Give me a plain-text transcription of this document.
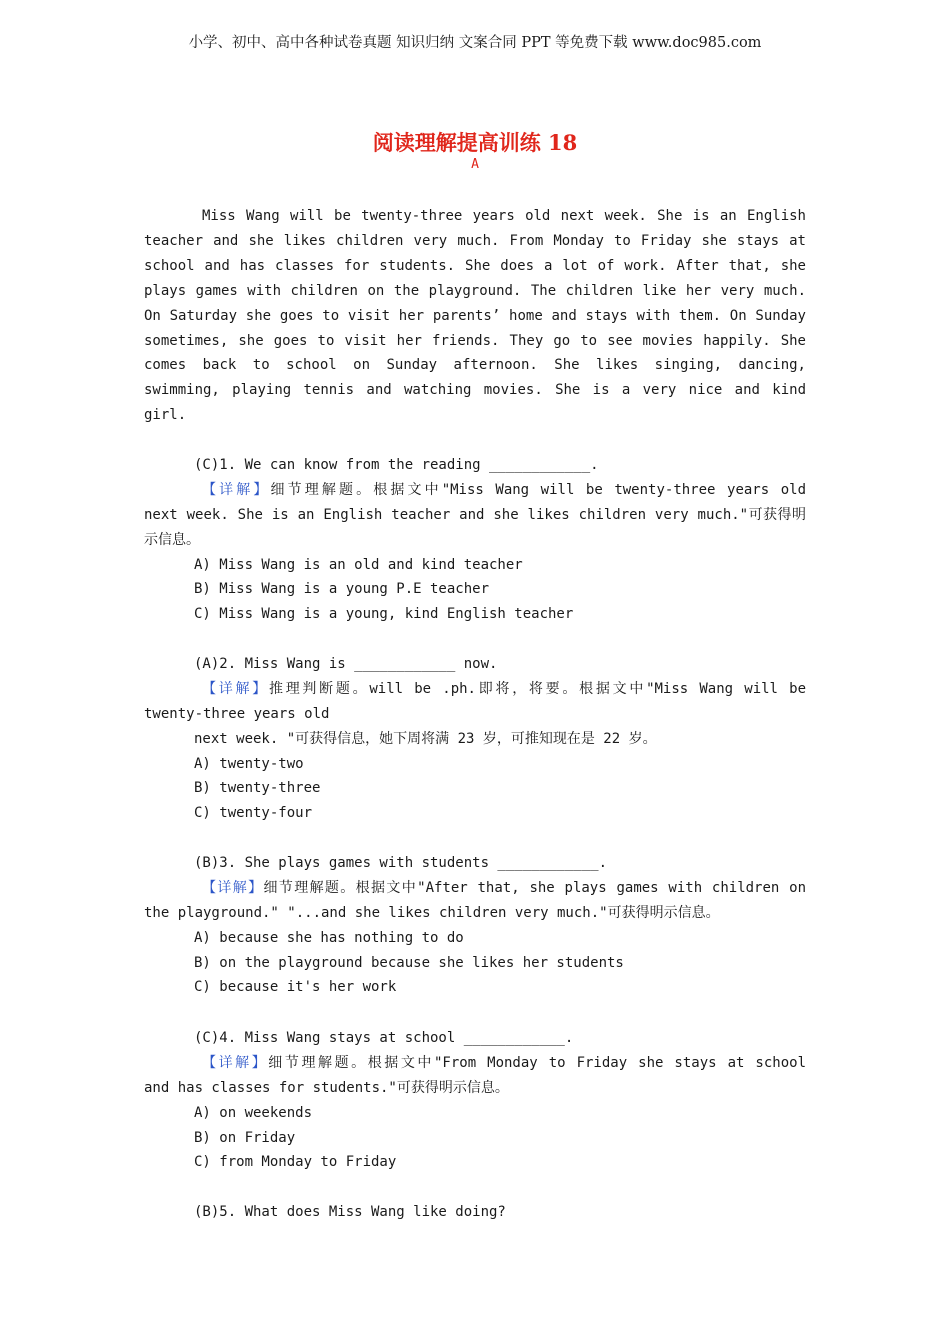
小学、初中、高中各种试卷真题 知识归纳 文案合同 PPT 等免费下载 www.doc985.com
阅读理解提高训练 18
A
Miss Wang will be twenty-three years old next week. She is an English teacher and she likes children very much. From Monday to Friday she stays at school and has classes for students. She does a lot of work. After that, she plays games with children on the playground. The children like her very much. On Saturday she goes to visit her parents’ home and stays with them. On Sunday sometimes, she goes to visit her friends. They go to see movies happily. She comes back to school on Sunday afternoon. She likes singing, dancing, swimming, playing tennis and watching movies. She is a very nice and kind girl.
(C)1. We can know from the reading ____________.
【详解】细节理解题。根据文中"Miss Wang will be twenty-three years old
next week. She is an English teacher and she likes children very much."可获得明
示信息。
A) Miss Wang is an old and kind teacher
B) Miss Wang is a young P.E teacher
C) Miss Wang is a young, kind English teacher
(A)2. Miss Wang is ____________ now.
【详解】推理判断题。will be .ph.即将，将要。根据文中"Miss Wang will be
twenty-three years old
next week. "可获得信息，她下周将满 23 岁，可推知现在是 22 岁。
A) twenty-two
B) twenty-three
C) twenty-four
(B)3. She plays games with students ____________.
【详解】细节理解题。根据文中"After that, she plays games with children on
the playground." "...and she likes children very much."可获得明示信息。
A) because she has nothing to do
B) on the playground because she likes her students
C) because it's her work
(C)4. Miss Wang stays at school ____________.
【详解】细节理解题。根据文中"From Monday to Friday she stays at school
and has classes for students."可获得明示信息。
A) on weekends
B) on Friday
C) from Monday to Friday
(B)5. What does Miss Wang like doing?
